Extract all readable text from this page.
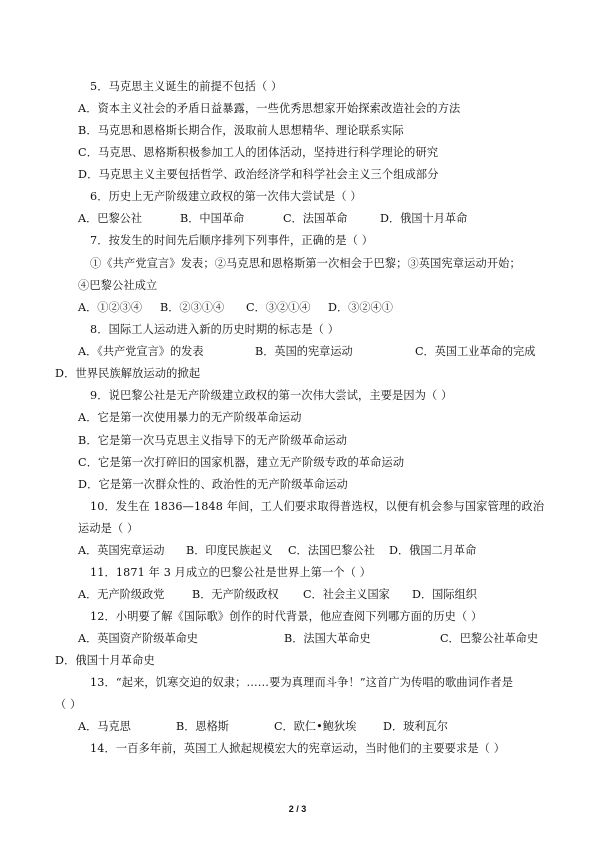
5．马克思主义诞生的前提不包括（ ）
A．资本主义社会的矛盾日益暴露，一些优秀思想家开始探索改造社会的方法
B．马克思和恩格斯长期合作，汲取前人思想精华、理论联系实际
C．马克思、恩格斯积极参加工人的团体活动，坚持进行科学理论的研究
D．马克思主义主要包括哲学、政治经济学和科学社会主义三个组成部分
6．历史上无产阶级建立政权的第一次伟大尝试是（ ）
A．巴黎公社	B．中国革命	C．法国革命	D．俄国十月革命
7．按发生的时间先后顺序排列下列事件，正确的是（ ）
①《共产党宣言》发表；②马克思和恩格斯第一次相会于巴黎；③英国宪章运动开始；
④巴黎公社成立
A．①②③④ B．②③①④ C．③②①④ D．③②④①
8．国际工人运动进入新的历史时期的标志是（ ）
A．《共产党宣言》的发表	B．英国的宪章运动	C．英国工业革命的完成
D．世界民族解放运动的掀起
9．说巴黎公社是无产阶级建立政权的第一次伟大尝试，主要是因为（ ）
A．它是第一次使用暴力的无产阶级革命运动
B．它是第一次马克思主义指导下的无产阶级革命运动
C．它是第一次打碎旧的国家机器，建立无产阶级专政的革命运动
D．它是第一次群众性的、政治性的无产阶级革命运动
10．发生在 1836—1848 年间，工人们要求取得普选权，以便有机会参与国家管理的政治
运动是（ ）
A．英国宪章运动 B．印度民族起义 C．法国巴黎公社 D．俄国二月革命
11．1871 年 3 月成立的巴黎公社是世界上第一个（ ）
A．无产阶级政党 B．无产阶级政权 C．社会主义国家 D．国际组织
12．小明要了解《国际歌》创作的时代背景，他应查阅下列哪方面的历史（ ）
A．英国资产阶级革命史	B．法国大革命史	C．巴黎公社革命史
D．俄国十月革命史
13．“起来，饥寒交迫的奴隶；……要为真理而斗争！”这首广为传唱的歌曲词作者是
（ ）
A．马克思	B．恩格斯	C．欧仁•鲍狄埃 D．玻利瓦尔
14．一百多年前，英国工人掀起规模宏大的宪章运动，当时他们的主要要求是（ ）
2 / 3
